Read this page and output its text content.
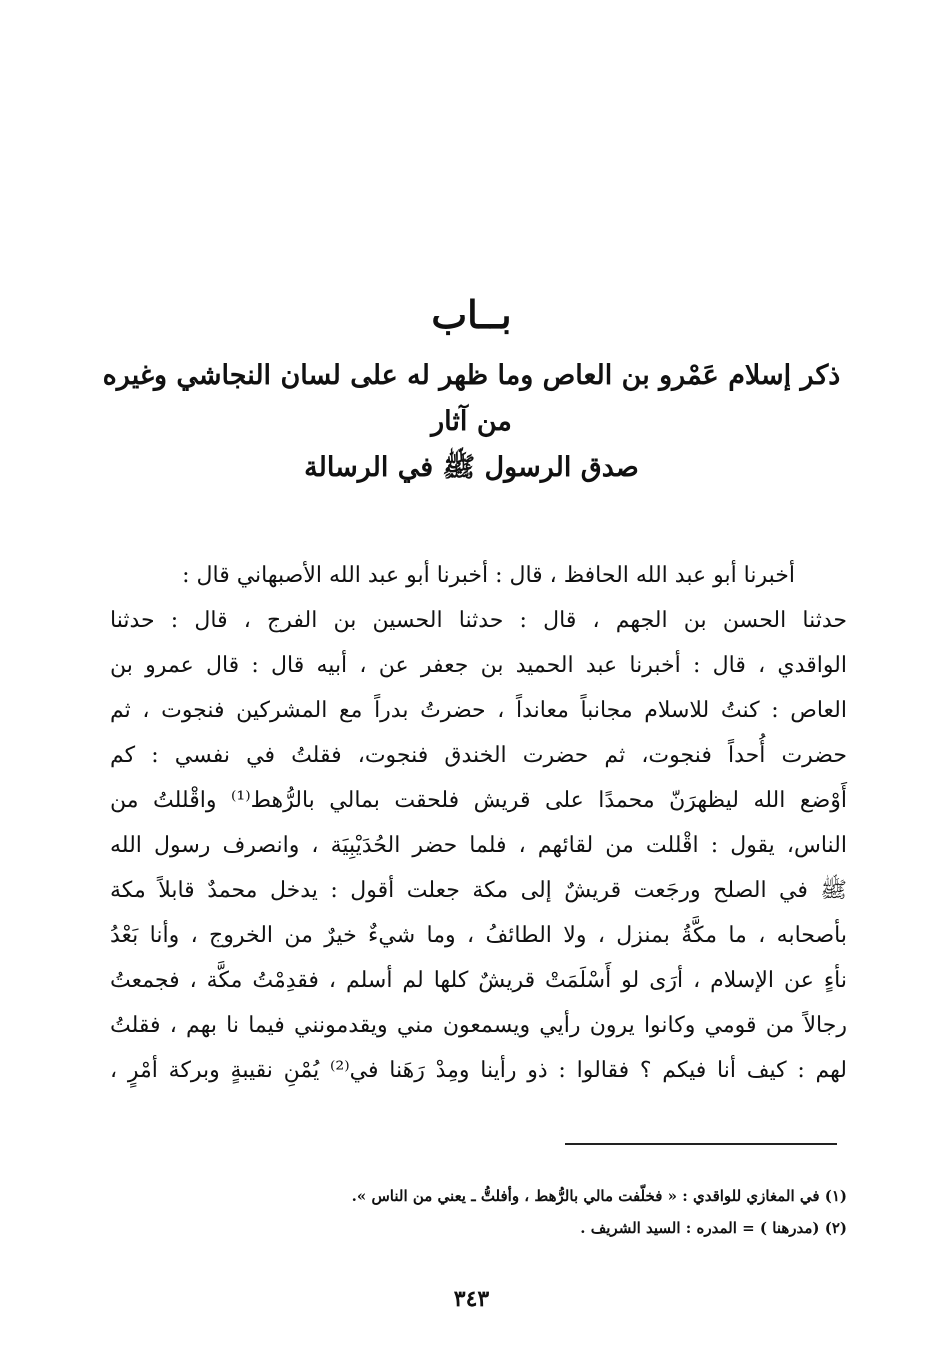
بــاب
ذكر إسلام عَمْرو بن العاص وما ظهر له على لسان النجاشي وغيره من آثار
صدق الرسول ﷺ في الرسالة
أخبرنا أبو عبد الله الحافظ ، قال : أخبرنا أبو عبد الله الأصبهاني قال :
حدثنا الحسن بن الجهم ، قال : حدثنا الحسين بن الفرج ، قال : حدثنا
الواقدي ، قال : أخبرنا عبد الحميد بن جعفر عن ، أبيه قال : قال عمرو بن
العاص : كنتُ للاسلام مجانباً معانداً ، حضرتُ بدراً مع المشركين فنجوت ، ثم
حضرت أُحداً فنجوت، ثم حضرت الخندق فنجوت، فقلتُ في نفسي : كم
أَوْضع الله ليظهرَنّ محمدًا على قريش فلحقت بمالي بالرُّهط⁽¹⁾ واقْللتُ من
الناس، يقول : اقْللت من لقائهم ، فلما حضر الحُدَيْبِيَة ، وانصرف رسول الله
ﷺ في الصلح ورجَعت قريشٌ إلى مكة جعلت أقول : يدخل محمدٌ قابلاً مكة
بأصحابه ، ما مكَّةُ بمنزل ، ولا الطائفُ ، وما شيءٌ خيرٌ من الخروج ، وأنا بَعْدُ
نأءٍ عن الإسلام ، أرَى لو أَسْلَمَتْ قريشٌ كلها لم أسلم ، فقدِمْتُ مكَّة ، فجمعتُ
رجالاً من قومي وكانوا يرون رأيي ويسمعون مني ويقدمونني فيما نا بهم ، فقلتُ
لهم : كيف أنا فيكم ؟ فقالوا : ذو رأينا ومِدْ رَهَنا في⁽²⁾ يُمْنِ نقيبةٍ وبركة أمْرٍ ،
(١) في المغازي للواقدي : « فخلّفت مالي بالرُّهط ، وأفلتُّ ـ يعني من الناس ».
(٢) (مدرهنا ) = المدره : السيد الشريف .
٣٤٣
